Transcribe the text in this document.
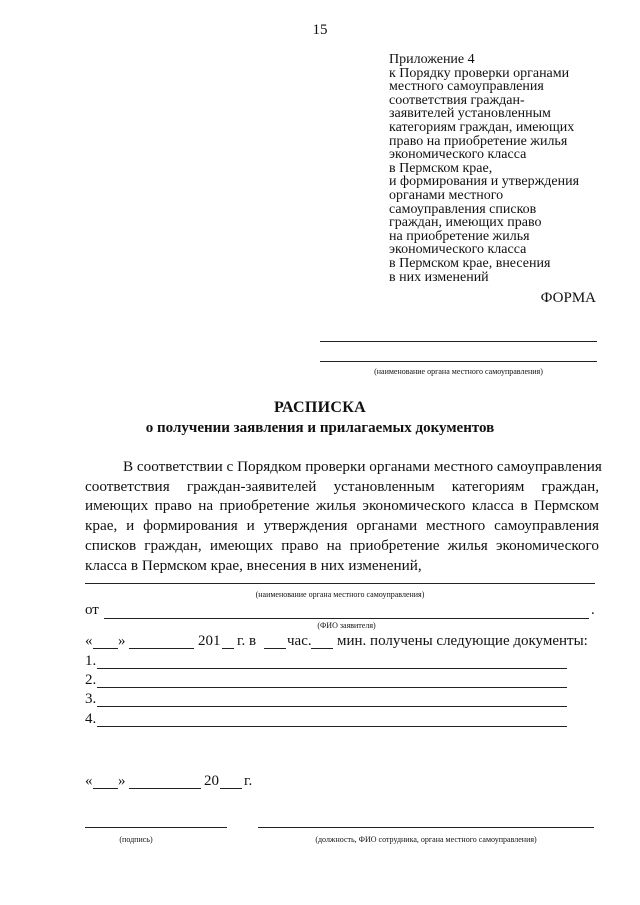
15
Приложение 4
к Порядку проверки органами
местного самоуправления
соответствия граждан-
заявителей установленным
категориям граждан, имеющих
право на приобретение жилья
экономического класса
в Пермском крае,
и формирования и утверждения
органами местного
самоуправления списков
граждан, имеющих право
на приобретение жилья
экономического класса
в Пермском крае, внесения
в них изменений
ФОРМА
(наименование органа местного самоуправления)
РАСПИСКА
о получении заявления и прилагаемых документов
В соответствии с Порядком проверки органами местного самоуправления
соответствия граждан-заявителей установленным категориям граждан,
имеющих право на приобретение жилья экономического класса в Пермском
крае, и формирования и утверждения органами местного самоуправления
списков граждан, имеющих право на приобретение жилья экономического
класса в Пермском крае, внесения в них изменений,
(наименование органа местного самоуправления)
от	.
(ФИО заявителя)
« »	201 г. в час. мин. получены следующие документы:
1.
2.
3.
4.
« »	20 г.
(подпись)	(должность, ФИО сотрудника, органа местного самоуправления)
